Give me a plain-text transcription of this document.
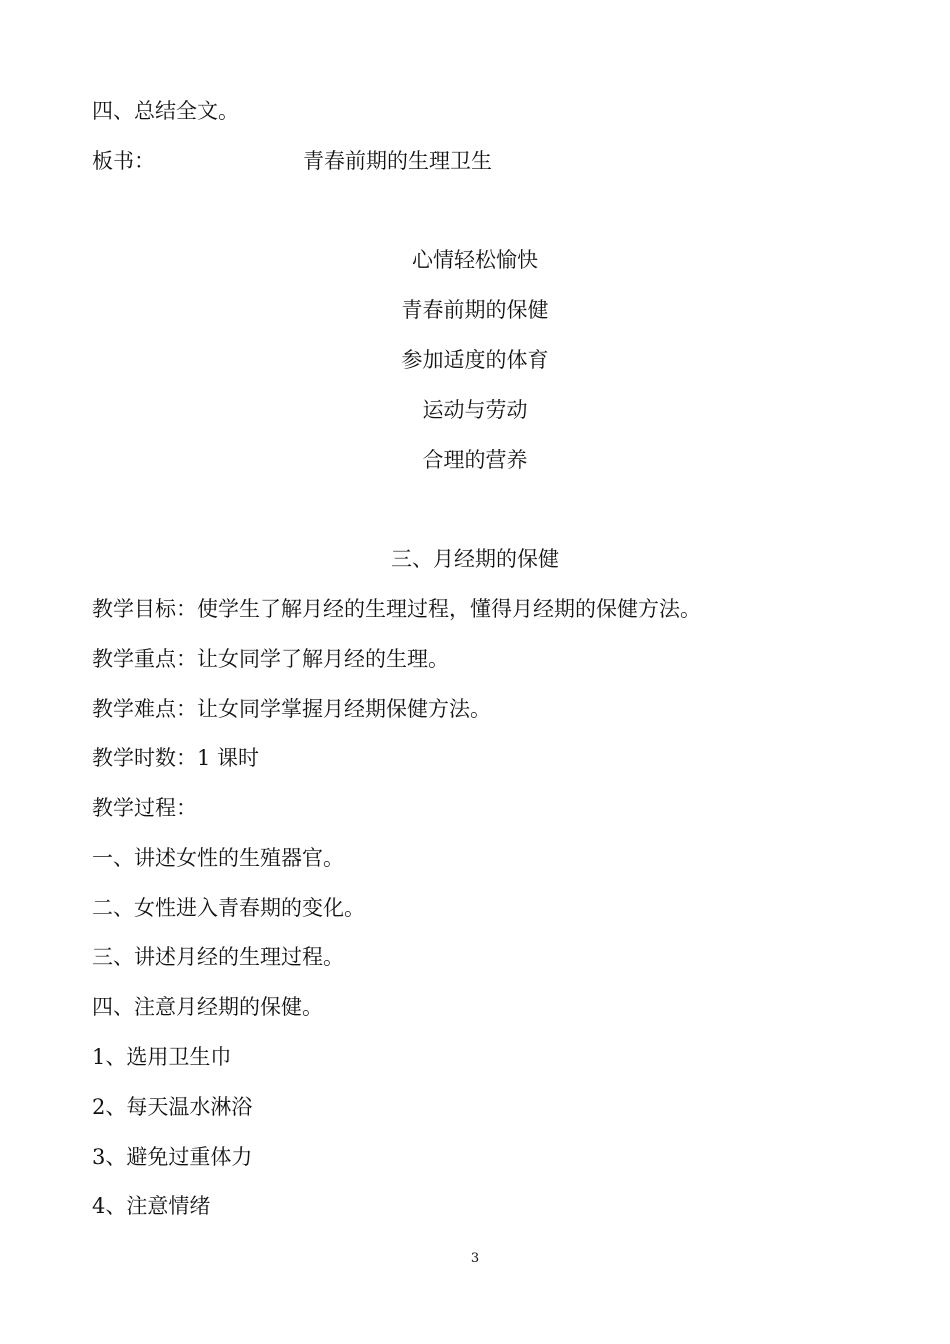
四、总结全文。
板书：	青春前期的生理卫生
心情轻松愉快
青春前期的保健
参加适度的体育
运动与劳动
合理的营养
三、月经期的保健
教学目标：使学生了解月经的生理过程，懂得月经期的保健方法。
教学重点：让女同学了解月经的生理。
教学难点：让女同学掌握月经期保健方法。
教学时数：1 课时
教学过程：
一、讲述女性的生殖器官。
二、女性进入青春期的变化。
三、讲述月经的生理过程。
四、注意月经期的保健。
1、选用卫生巾
2、每天温水淋浴
3、避免过重体力
4、注意情绪
3
